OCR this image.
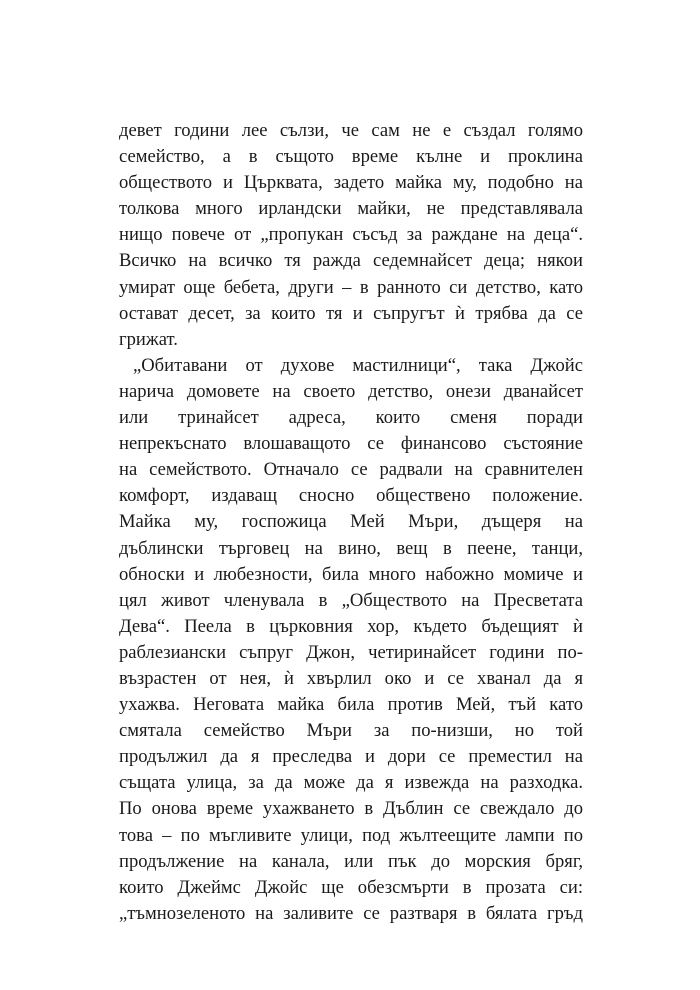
девет години лее сълзи, че сам не е създал голямо
семейство, а в същото време кълне и проклина
обществото и Църквата, задето майка му, подобно на
толкова много ирландски майки, не представлявала
нищо повече от „пропукан съсъд за раждане на деца“.
Всичко на всичко тя ражда седемнайсет деца; някои
умират още бебета, други – в ранното си детство, като
остават десет, за които тя и съпругът ѝ трябва да се
грижат.
„Обитавани от духове мастилници“, така Джойс
нарича домовете на своето детство, онези дванайсет
или тринайсет адреса, които сменя поради
непрекъснато влошаващото се финансово състояние
на семейството. Отначало се радвали на сравнителен
комфорт, издаващ сносно обществено положение.
Майка му, госпожица Мей Мъри, дъщеря на
дъблински търговец на вино, вещ в пеене, танци,
обноски и любезности, била много набожно момиче и
цял живот членувала в „Обществото на Пресветата
Дева“. Пеела в църковния хор, където бъдещият ѝ
раблезиански съпруг Джон, четиринайсет години по-
възрастен от нея, ѝ хвърлил око и се хванал да я
ухажва. Неговата майка била против Мей, тъй като
смятала семейство Мъри за по-низши, но той
продължил да я преследва и дори се преместил на
същата улица, за да може да я извежда на разходка.
По онова време ухажването в Дъблин се свеждало до
това – по мъгливите улици, под жълтеещите лампи по
продължение на канала, или пък до морския бряг,
които Джеймс Джойс ще обезсмърти в прозата си:
„тъмнозеленото на заливите се разтваря в бялата гръд
